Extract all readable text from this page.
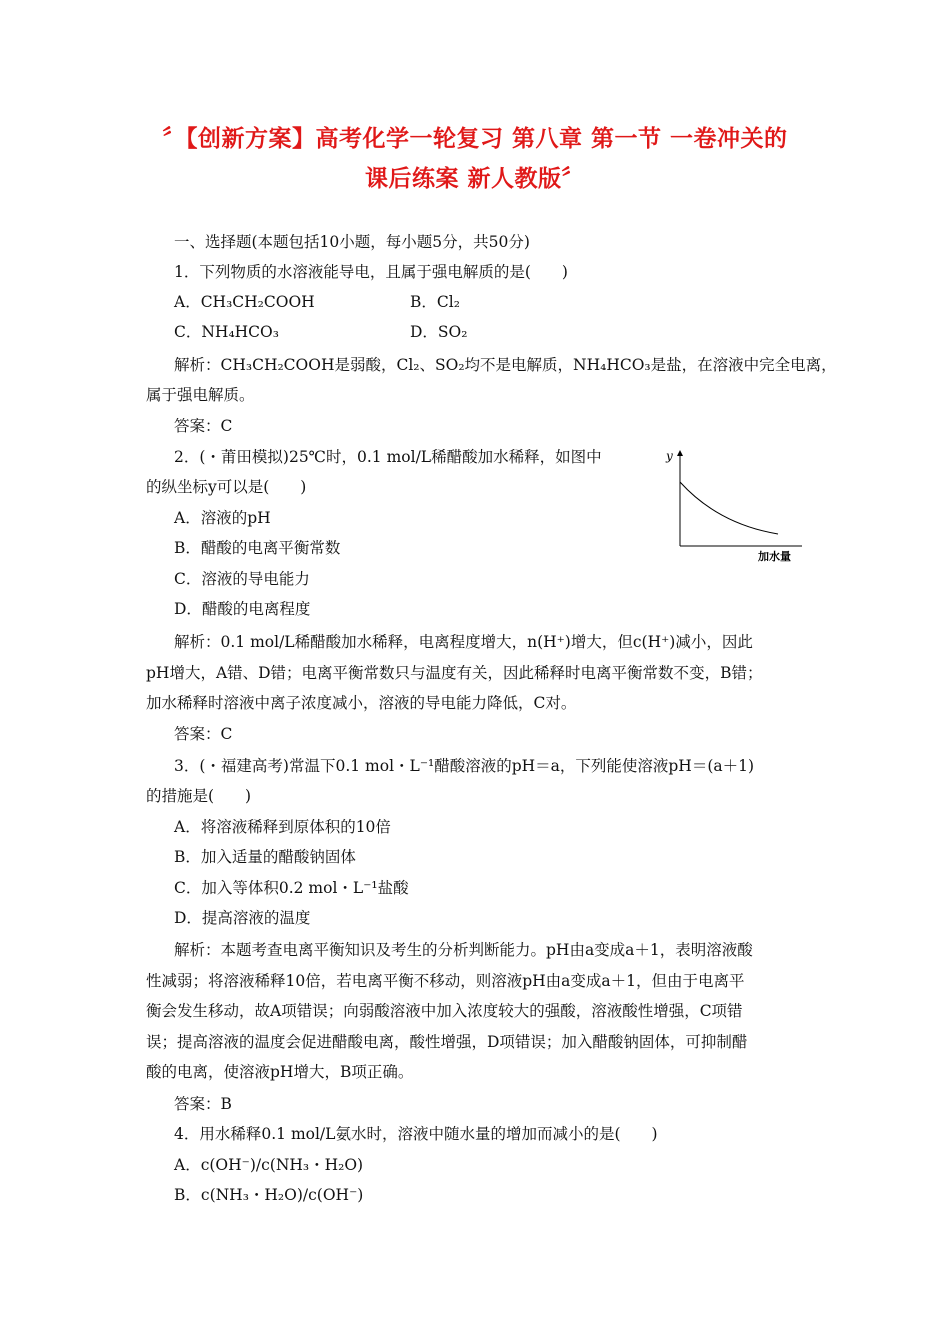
〞【创新方案】高考化学一轮复习 第八章 第一节 一卷冲关的
课后练案 新人教版〞
一、选择题(本题包括10小题，每小题5分，共50分)
1．下列物质的水溶液能导电，且属于强电解质的是(　　)
A．CH₃CH₂COOH	B．Cl₂
C．NH₄HCO₃	D．SO₂
解析：CH₃CH₂COOH是弱酸，Cl₂、SO₂均不是电解质，NH₄HCO₃是盐，在溶液中完全电离，
属于强电解质。
答案：C
2．(・莆田模拟)25℃时，0.1 mol/L稀醋酸加水稀释，如图中
的纵坐标y可以是(　　)
A．溶液的pH
B．醋酸的电离平衡常数
C．溶液的导电能力
D．醋酸的电离程度
解析：0.1 mol/L稀醋酸加水稀释，电离程度增大，n(H⁺)增大，但c(H⁺)减小，因此
pH增大，A错、D错；电离平衡常数只与温度有关，因此稀释时电离平衡常数不变，B错；
加水稀释时溶液中离子浓度减小，溶液的导电能力降低，C对。
答案：C
y
加水量
3．(・福建高考)常温下0.1 mol・L⁻¹醋酸溶液的pH＝a，下列能使溶液pH＝(a＋1)
的措施是(　　)
A．将溶液稀释到原体积的10倍
B．加入适量的醋酸钠固体
C．加入等体积0.2 mol・L⁻¹盐酸
D．提高溶液的温度
解析：本题考查电离平衡知识及考生的分析判断能力。pH由a变成a＋1，表明溶液酸
性减弱；将溶液稀释10倍，若电离平衡不移动，则溶液pH由a变成a＋1，但由于电离平
衡会发生移动，故A项错误；向弱酸溶液中加入浓度较大的强酸，溶液酸性增强，C项错
误；提高溶液的温度会促进醋酸电离，酸性增强，D项错误；加入醋酸钠固体，可抑制醋
酸的电离，使溶液pH增大，B项正确。
答案：B
4．用水稀释0.1 mol/L氨水时，溶液中随水量的增加而减小的是(　　)
A．c(OH⁻)/c(NH₃・H₂O)
B．c(NH₃・H₂O)/c(OH⁻)
